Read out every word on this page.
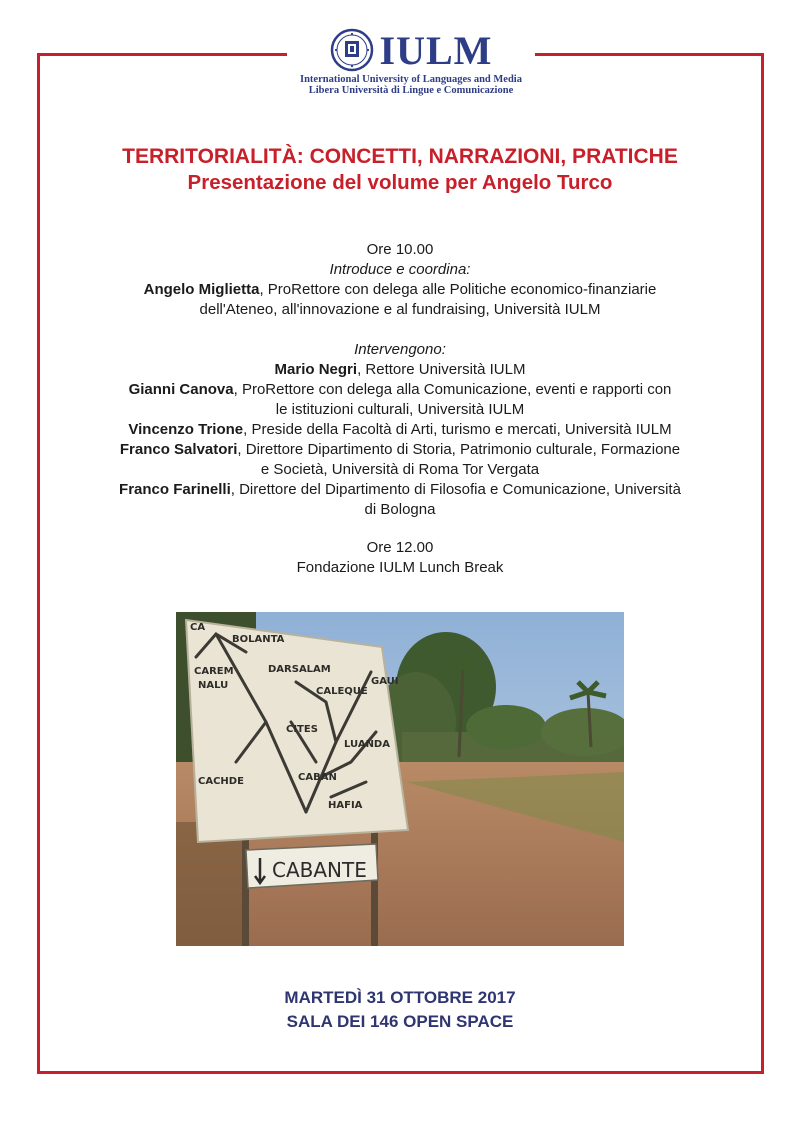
IULM
International University of Languages and Media
Libera Università di Lingue e Comunicazione
TERRITORIALITÀ: CONCETTI, NARRAZIONI, PRATICHE
Presentazione del volume per Angelo Turco

Ore 10.00

Introduce e coordina:

Angelo Miglietta, ProRettore con delega alle Politiche economico-finanziarie

dell'Ateneo, all'innovazione e al fundraising, Università IULM

Intervengono:

Mario Negri, Rettore Università IULM

Gianni Canova, ProRettore con delega alla Comunicazione, eventi e rapporti con

le istituzioni culturali, Università IULM

Vincenzo Trione, Preside della Facoltà di Arti, turismo e mercati, Università IULM

Franco Salvatori, Direttore Dipartimento di Storia, Patrimonio culturale, Formazione

e Società, Università di Roma Tor Vergata

Franco Farinelli, Direttore del Dipartimento di Filosofia e Comunicazione, Università

di Bologna

Ore 12.00

Fondazione IULM Lunch Break

CA
BOLANTA
CAREM
NALU
DARSALAM
CALEQUE
GAUI
CITES
LUANDA
CACHDE	CABAN
HAFIA
CABANTE
MARTEDÌ 31 OTTOBRE 2017
SALA DEI 146 OPEN SPACE
